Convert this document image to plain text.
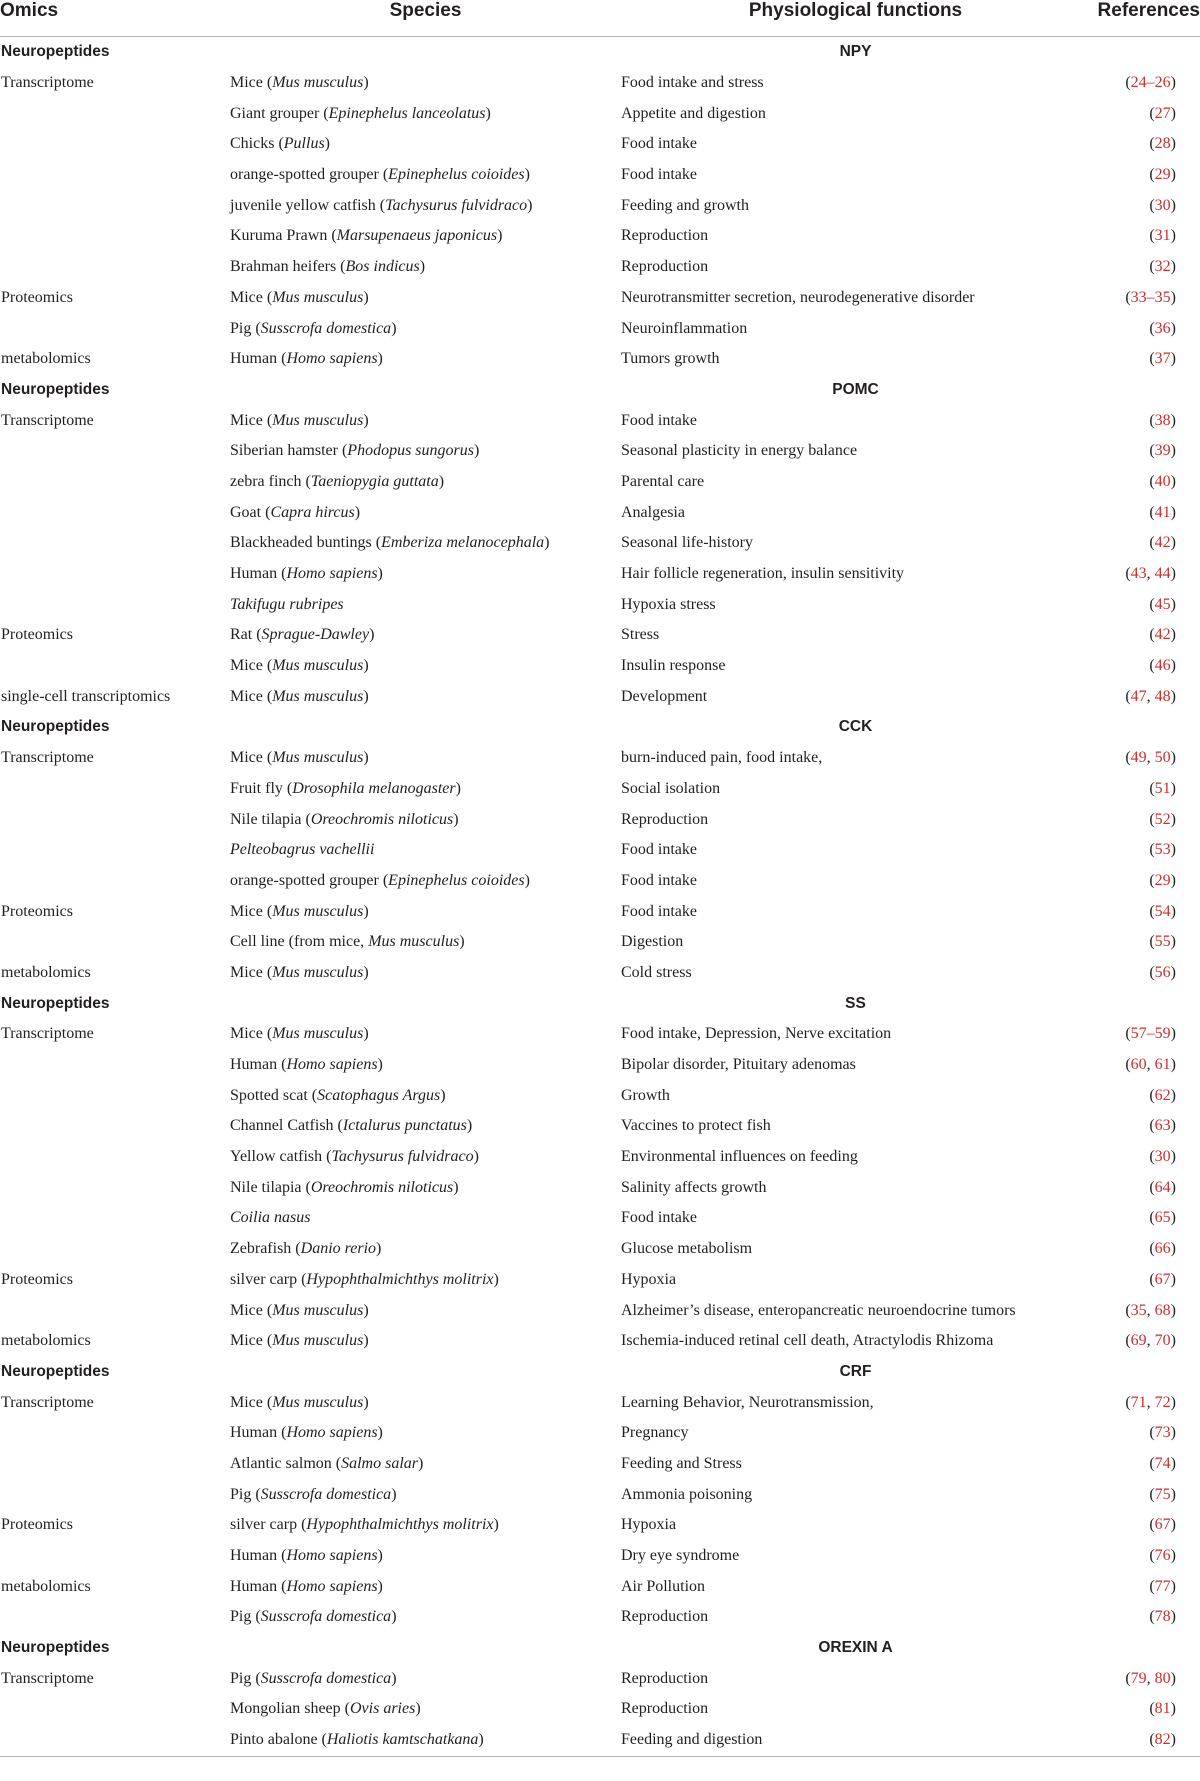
Omics	Species	Physiological functions	References
Neuropeptides		NPY	
Transcriptome	Mice (Mus musculus)	Food intake and stress	(24–26)
	Giant grouper (Epinephelus lanceolatus)	Appetite and digestion	(27)
	Chicks (Pullus)	Food intake	(28)
	orange-spotted grouper (Epinephelus coioides)	Food intake	(29)
	juvenile yellow catfish (Tachysurus fulvidraco)	Feeding and growth	(30)
	Kuruma Prawn (Marsupenaeus japonicus)	Reproduction	(31)
	Brahman heifers (Bos indicus)	Reproduction	(32)
Proteomics	Mice (Mus musculus)	Neurotransmitter secretion, neurodegenerative disorder	(33–35)
	Pig (Susscrofa domestica)	Neuroinflammation	(36)
metabolomics	Human (Homo sapiens)	Tumors growth	(37)
Neuropeptides		POMC	
Transcriptome	Mice (Mus musculus)	Food intake	(38)
	Siberian hamster (Phodopus sungorus)	Seasonal plasticity in energy balance	(39)
	zebra finch (Taeniopygia guttata)	Parental care	(40)
	Goat (Capra hircus)	Analgesia	(41)
	Blackheaded buntings (Emberiza melanocephala)	Seasonal life-history	(42)
	Human (Homo sapiens)	Hair follicle regeneration, insulin sensitivity	(43, 44)
	Takifugu rubripes	Hypoxia stress	(45)
Proteomics	Rat (Sprague-Dawley)	Stress	(42)
	Mice (Mus musculus)	Insulin response	(46)
single-cell transcriptomics	Mice (Mus musculus)	Development	(47, 48)
Neuropeptides		CCK	
Transcriptome	Mice (Mus musculus)	burn-induced pain, food intake,	(49, 50)
	Fruit fly (Drosophila melanogaster)	Social isolation	(51)
	Nile tilapia (Oreochromis niloticus)	Reproduction	(52)
	Pelteobagrus vachellii	Food intake	(53)
	orange-spotted grouper (Epinephelus coioides)	Food intake	(29)
Proteomics	Mice (Mus musculus)	Food intake	(54)
	Cell line (from mice, Mus musculus)	Digestion	(55)
metabolomics	Mice (Mus musculus)	Cold stress	(56)
Neuropeptides		SS	
Transcriptome	Mice (Mus musculus)	Food intake, Depression, Nerve excitation	(57–59)
	Human (Homo sapiens)	Bipolar disorder, Pituitary adenomas	(60, 61)
	Spotted scat (Scatophagus Argus)	Growth	(62)
	Channel Catfish (Ictalurus punctatus)	Vaccines to protect fish	(63)
	Yellow catfish (Tachysurus fulvidraco)	Environmental influences on feeding	(30)
	Nile tilapia (Oreochromis niloticus)	Salinity affects growth	(64)
	Coilia nasus	Food intake	(65)
	Zebrafish (Danio rerio)	Glucose metabolism	(66)
Proteomics	silver carp (Hypophthalmichthys molitrix)	Hypoxia	(67)
	Mice (Mus musculus)	Alzheimer’s disease, enteropancreatic neuroendocrine tumors	(35, 68)
metabolomics	Mice (Mus musculus)	Ischemia-induced retinal cell death, Atractylodis Rhizoma	(69, 70)
Neuropeptides		CRF	
Transcriptome	Mice (Mus musculus)	Learning Behavior, Neurotransmission,	(71, 72)
	Human (Homo sapiens)	Pregnancy	(73)
	Atlantic salmon (Salmo salar)	Feeding and Stress	(74)
	Pig (Susscrofa domestica)	Ammonia poisoning	(75)
Proteomics	silver carp (Hypophthalmichthys molitrix)	Hypoxia	(67)
	Human (Homo sapiens)	Dry eye syndrome	(76)
metabolomics	Human (Homo sapiens)	Air Pollution	(77)
	Pig (Susscrofa domestica)	Reproduction	(78)
Neuropeptides		OREXIN A	
Transcriptome	Pig (Susscrofa domestica)	Reproduction	(79, 80)
	Mongolian sheep (Ovis aries)	Reproduction	(81)
	Pinto abalone (Haliotis kamtschatkana)	Feeding and digestion	(82)
